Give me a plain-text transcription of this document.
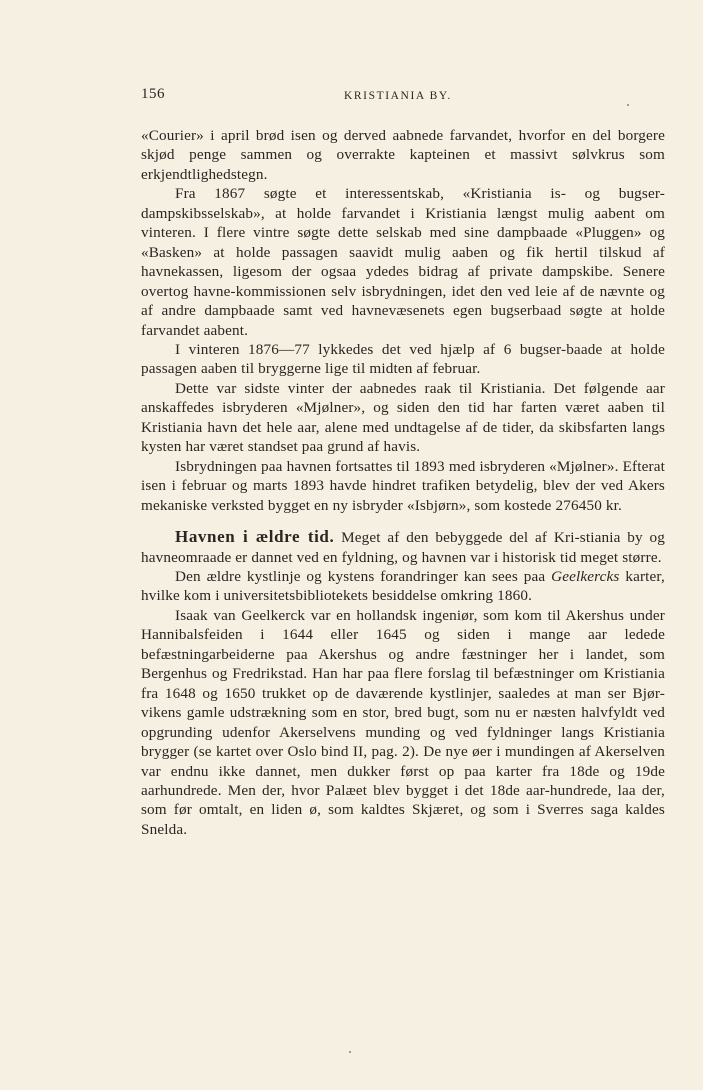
156	KRISTIANIA BY.

«Courier» i april brød isen og derved aabnede farvandet, hvorfor en del borgere skjød penge sammen og overrakte kapteinen et massivt sølvkrus som erkjendtlighedstegn.

Fra 1867 søgte et interessentskab, «Kristiania is- og bugser-dampskibsselskab», at holde farvandet i Kristiania længst mulig aabent om vinteren. I flere vintre søgte dette selskab med sine dampbaade «Pluggen» og «Basken» at holde passagen saavidt mulig aaben og fik hertil tilskud af havnekassen, ligesom der ogsaa ydedes bidrag af private dampskibe. Senere overtog havne-kommissionen selv isbrydningen, idet den ved leie af de nævnte og af andre dampbaade samt ved havnevæsenets egen bugserbaad søgte at holde farvandet aabent.

I vinteren 1876—77 lykkedes det ved hjælp af 6 bugser-baade at holde passagen aaben til bryggerne lige til midten af februar.

Dette var sidste vinter der aabnedes raak til Kristiania. Det følgende aar anskaffedes isbryderen «Mjølner», og siden den tid har farten været aaben til Kristiania havn det hele aar, alene med undtagelse af de tider, da skibsfarten langs kysten har været standset paa grund af havis.

Isbrydningen paa havnen fortsattes til 1893 med isbryderen «Mjølner». Efterat isen i februar og marts 1893 havde hindret trafiken betydelig, blev der ved Akers mekaniske verksted bygget en ny isbryder «Isbjørn», som kostede 276450 kr.

Havnen i ældre tid. Meget af den bebyggede del af Kri-stiania by og havneomraade er dannet ved en fyldning, og havnen var i historisk tid meget større.

Den ældre kystlinje og kystens forandringer kan sees paa Geelkercks karter, hvilke kom i universitetsbibliotekets besiddelse omkring 1860.

Isaak van Geelkerck var en hollandsk ingeniør, som kom til Akershus under Hannibalsfeiden i 1644 eller 1645 og siden i mange aar ledede befæstningarbeiderne paa Akershus og andre fæstninger her i landet, som Bergenhus og Fredrikstad. Han har paa flere forslag til befæstninger om Kristiania fra 1648 og 1650 trukket op de daværende kystlinjer, saaledes at man ser Bjør-vikens gamle udstrækning som en stor, bred bugt, som nu er næsten halvfyldt ved opgrunding udenfor Akerselvens munding og ved fyldninger langs Kristiania brygger (se kartet over Oslo bind II, pag. 2). De nye øer i mundingen af Akerselven var endnu ikke dannet, men dukker først op paa karter fra 18de og 19de aarhundrede. Men der, hvor Palæet blev bygget i det 18de aar-hundrede, laa der, som før omtalt, en liden ø, som kaldtes Skjæret, og som i Sverres saga kaldes Snelda.
